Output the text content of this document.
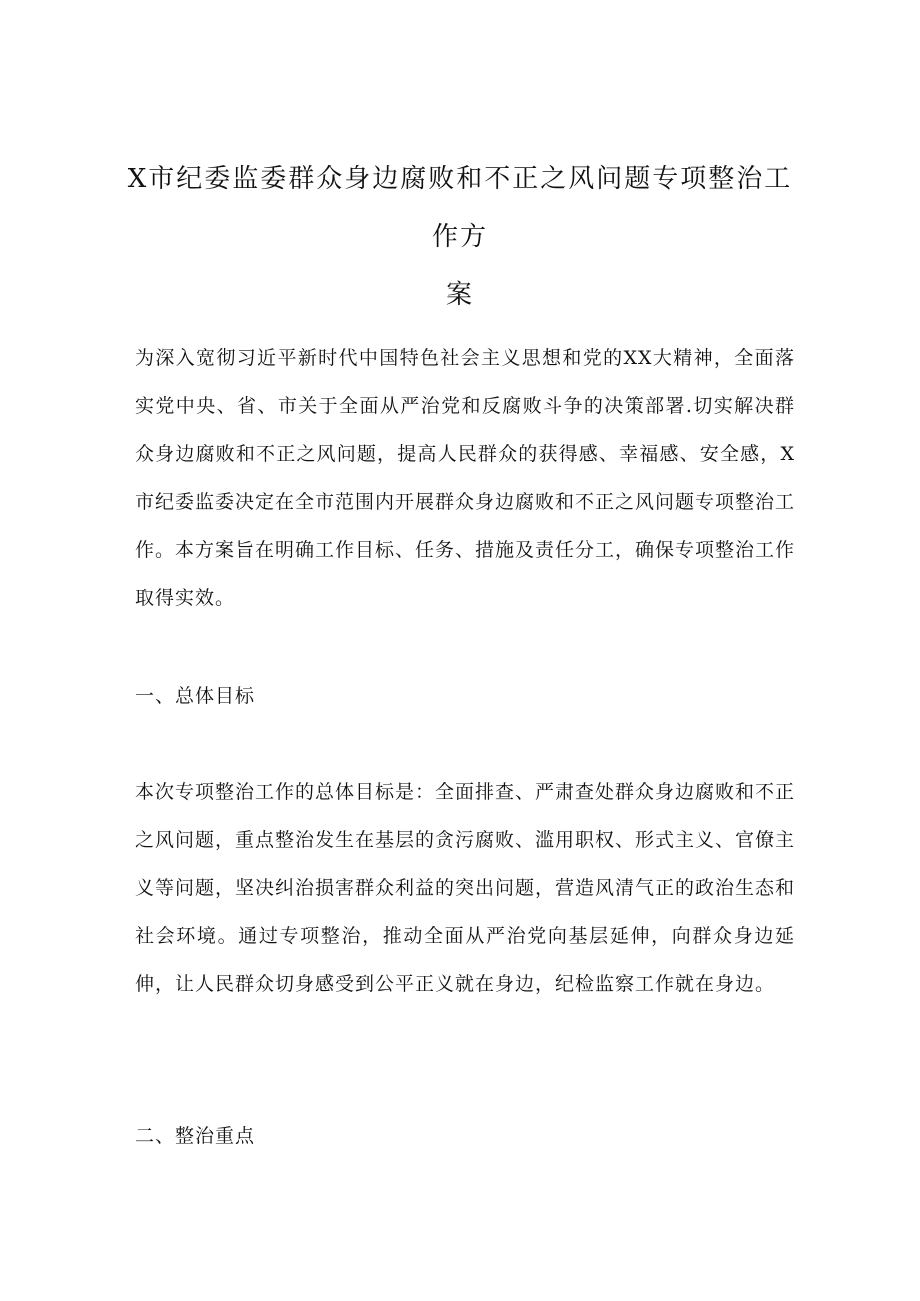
X市纪委监委群众身边腐败和不正之风问题专项整治工作方
案

为深入宽彻习近平新时代中国特色社会主义思想和党的XX大精神，全面落实党中央、省、市关于全面从严治党和反腐败斗争的决策部署.切实解决群众身边腐败和不正之风问题，提高人民群众的获得感、幸福感、安全感，X市纪委监委决定在全市范围内开展群众身边腐败和不正之风问题专项整治工作。本方案旨在明确工作目标、任务、措施及责任分工，确保专项整治工作取得实效。

一、总体目标

本次专项整治工作的总体目标是：全面排查、严肃查处群众身边腐败和不正之风问题，重点整治发生在基层的贪污腐败、滥用职权、形式主义、官僚主义等问题，坚决纠治损害群众利益的突出问题，营造风清气正的政治生态和社会环境。通过专项整治，推动全面从严治党向基层延伸，向群众身边延伸，让人民群众切身感受到公平正义就在身边，纪检监察工作就在身边。

二、整治重点
